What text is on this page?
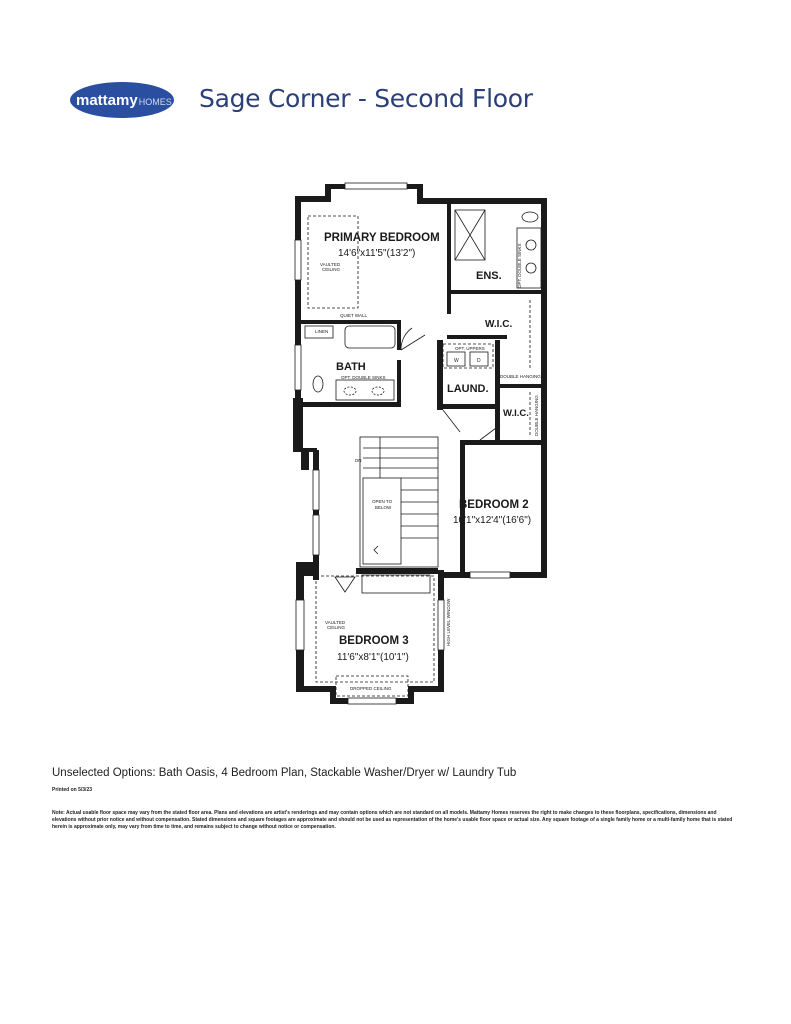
mattamyHOMES Sage Corner - Second Floor
PRIMARY BEDROOM
14'6"x11'5"(13'2")
ENS.
W.I.C.
BATH
LAUND.
W.I.C.
BEDROOM 2
10'1"x12'4"(16'6")
BEDROOM 3
11'6"x8'1"(10'1")
VAULTED
CEILING
VAULTED
CEILING
QUIET WALL
LINEN
OPT. DOUBLE SINKS
OPT. UPPERS
W	D
DN
OPEN TO
BELOW
DROPPED CEILING
OPT. DOUBLE SINKS
DOUBLE HANGING
DOUBLE HANGING
HIGH LEVEL WINDOW
Unselected Options: Bath Oasis, 4 Bedroom Plan, Stackable Washer/Dryer w/ Laundry Tub
Printed on 5/3/23
Note: Actual usable floor space may vary from the stated floor area. Plans and elevations are artist's renderings and may contain options which are not standard on all models. Mattamy Homes reserves the right to make changes to these floorplans, specifications, dimensions and elevations without prior notice and without compensation. Stated dimensions and square footages are approximate and should not be used as representation of the home's usable floor space or actual size. Any square footage of a single family home or a multi-family home that is stated herein is approximate only, may vary from time to time, and remains subject to change without notice or compensation.
